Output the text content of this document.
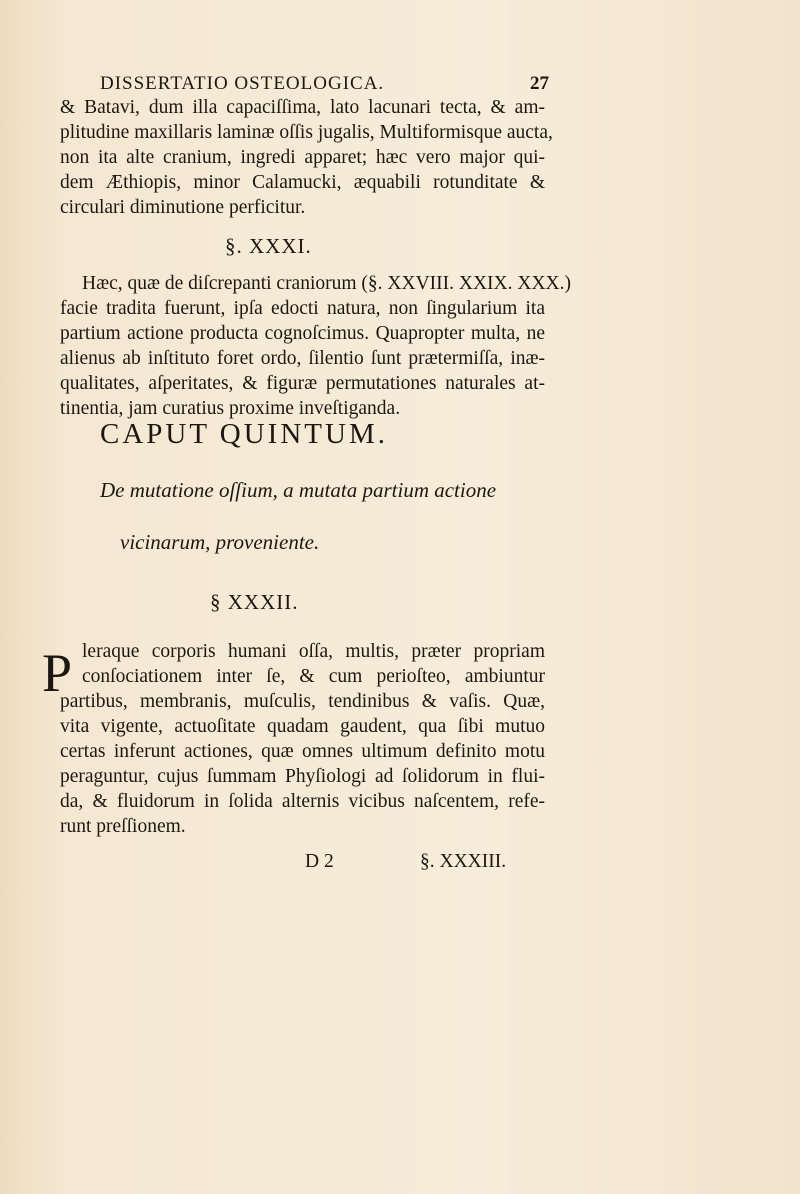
DISSERTATIO OSTEOLOGICA.	27
& Batavi, dum illa capaciſſima, lato lacunari tecta, & am-
plitudine maxillaris laminæ oſſis jugalis, Multiformisque aucta,
non ita alte cranium, ingredi apparet; hæc vero major qui-
dem Æthiopis, minor Calamucki, æquabili rotunditate &
circulari diminutione perficitur.
§. XXXI.
Hæc, quæ de diſcrepanti craniorum (§. XXVIII. XXIX. XXX.)
facie tradita fuerunt, ipſa edocti natura, non ſingularium ita
partium actione producta cognoſcimus. Quapropter multa, ne
alienus ab inſtituto foret ordo, ſilentio ſunt prætermiſſa, inæ-
qualitates, aſperitates, & figuræ permutationes naturales at-
tinentia, jam curatius proxime inveſtiganda.
CAPUT QUINTUM.
De mutatione oſſium, a mutata partium actione
vicinarum, proveniente.
§ XXXII.
P leraque corporis humani oſſa, multis, præter propriam
conſociationem inter ſe, & cum perioſteo, ambiuntur
partibus, membranis, muſculis, tendinibus & vaſis. Quæ,
vita vigente, actuoſitate quadam gaudent, qua ſibi mutuo
certas inferunt actiones, quæ omnes ultimum definito motu
peraguntur, cujus ſummam Phyſiologi ad ſolidorum in flui-
da, & fluidorum in ſolida alternis vicibus naſcentem, refe-
runt preſſionem.
D 2	§. XXXIII.
